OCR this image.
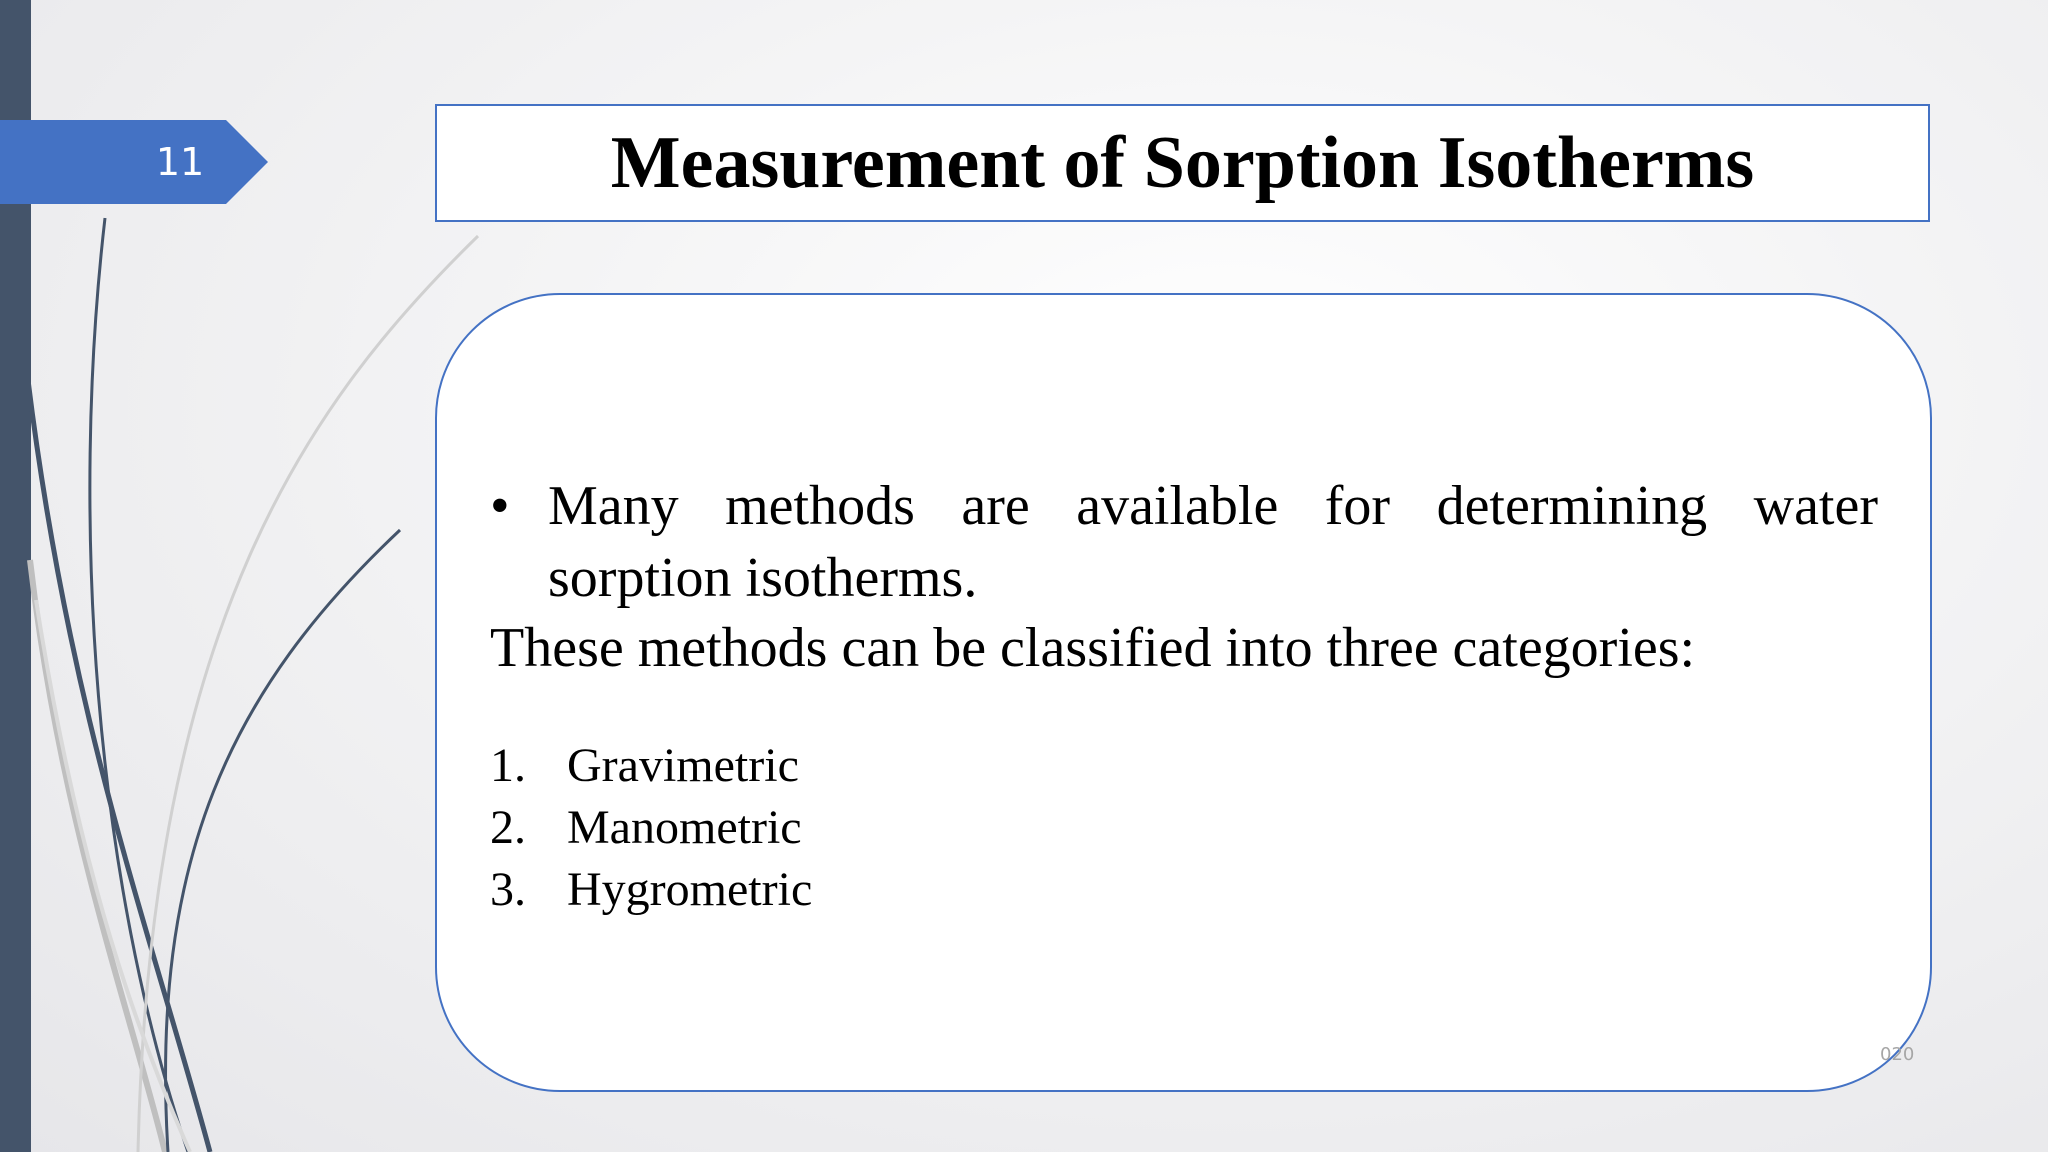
11	Measurement of Sorption Isotherms
• Many methods are available for determining water sorption isotherms.
These methods can be classified into three categories:
1. Gravimetric
2. Manometric
3. Hygrometric
020
